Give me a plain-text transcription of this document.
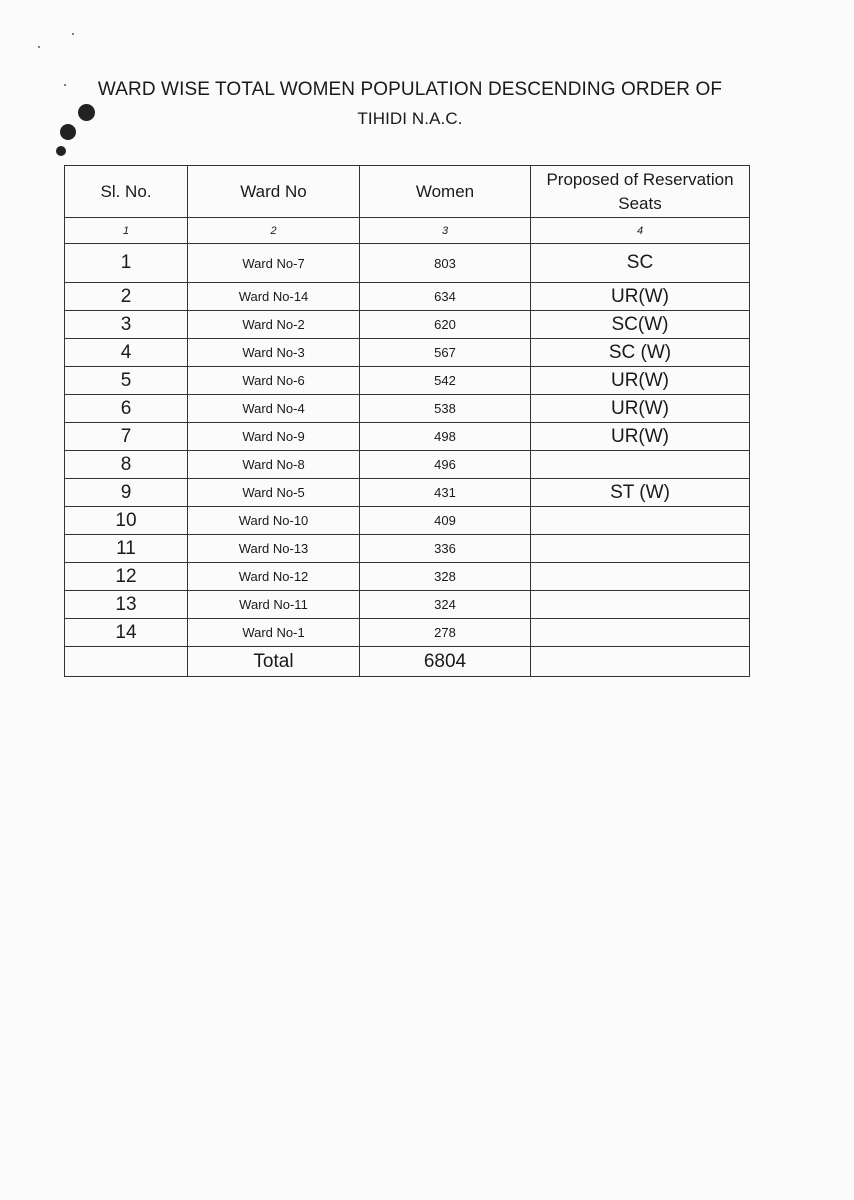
WARD WISE TOTAL WOMEN POPULATION DESCENDING ORDER OF
TIHIDI N.A.C.
Sl. No.	Ward No	Women	Proposed of Reservation Seats
1	2	3	4
1	Ward No-7	803	SC
2	Ward No-14	634	UR(W)
3	Ward No-2	620	SC(W)
4	Ward No-3	567	SC (W)
5	Ward No-6	542	UR(W)
6	Ward No-4	538	UR(W)
7	Ward No-9	498	UR(W)
8	Ward No-8	496	
9	Ward No-5	431	ST (W)
10	Ward No-10	409	
11	Ward No-13	336	
12	Ward No-12	328	
13	Ward No-11	324	
14	Ward No-1	278	
	Total	6804	
